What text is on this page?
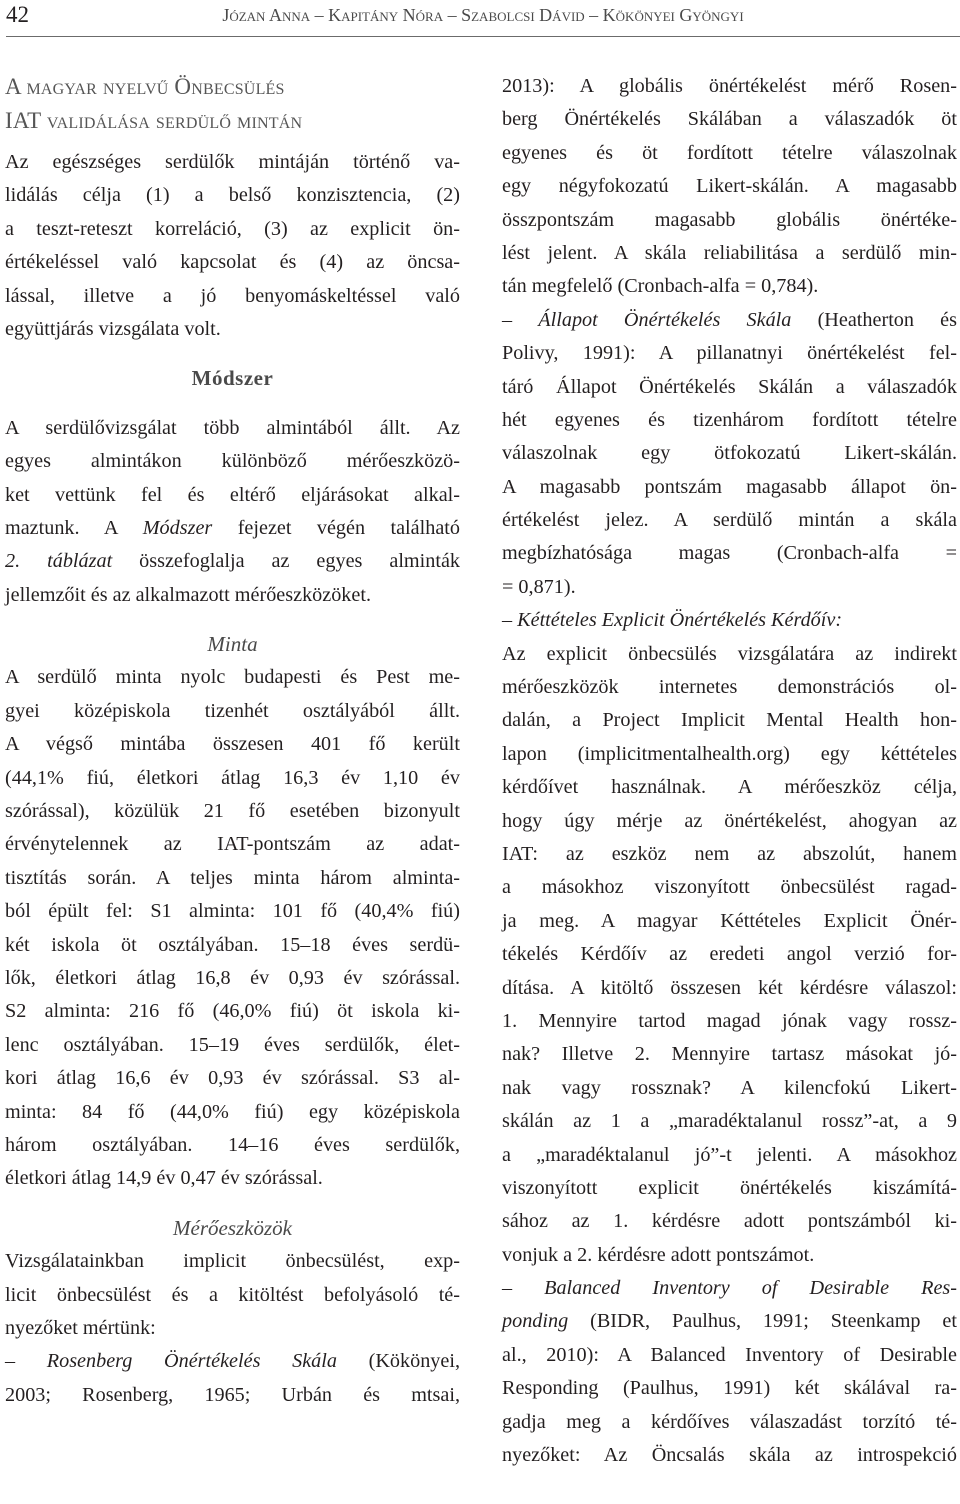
42	Józan Anna – Kapitány Nóra – Szabolcsi Dávid – Kökönyei Gyöngyi
A magyar nyelvű Önbecsülés
IAT validálása serdülő mintán
Az egészséges serdülők mintáján történő va-
lidálás célja (1) a belső konzisztencia, (2)
a teszt-reteszt korreláció, (3) az explicit ön-
értékeléssel való kapcsolat és (4) az öncsa-
lással, illetve a jó benyomáskeltéssel való
együttjárás vizsgálata volt.
Módszer
A serdülővizsgálat több almintából állt. Az
egyes almintákon különböző mérőeszközö-
ket vettünk fel és eltérő eljárásokat alkal-
maztunk. A Módszer fejezet végén található
2. táblázat összefoglalja az egyes alminták
jellemzőit és az alkalmazott mérőeszközöket.
Minta
A serdülő minta nyolc budapesti és Pest me-
gyei középiskola tizenhét osztályából állt.
A végső mintába összesen 401 fő került
(44,1% fiú, életkori átlag 16,3 év 1,10 év
szórással), közülük 21 fő esetében bizonyult
érvénytelennek az IAT-pontszám az adat-
tisztítás során. A teljes minta három alminta-
ból épült fel: S1 alminta: 101 fő (40,4% fiú)
két iskola öt osztályában. 15–18 éves serdü-
lők, életkori átlag 16,8 év 0,93 év szórással.
S2 alminta: 216 fő (46,0% fiú) öt iskola ki-
lenc osztályában. 15–19 éves serdülők, élet-
kori átlag 16,6 év 0,93 év szórással. S3 al-
minta: 84 fő (44,0% fiú) egy középiskola
három osztályában. 14–16 éves serdülők,
életkori átlag 14,9 év 0,47 év szórással.
Mérőeszközök
Vizsgálatainkban implicit önbecsülést, exp-
licit önbecsülést és a kitöltést befolyásoló té-
nyezőket mértünk:
– Rosenberg Önértékelés Skála (Kökönyei,
2003; Rosenberg, 1965; Urbán és mtsai,
2013): A globális önértékelést mérő Rosen-
berg Önértékelés Skálában a válaszadók öt
egyenes és öt fordított tételre válaszolnak
egy négyfokozatú Likert-skálán. A magasabb
összpontszám magasabb globális önértéke-
lést jelent. A skála reliabilitása a serdülő min-
tán megfelelő (Cronbach-alfa = 0,784).
– Állapot Önértékelés Skála (Heatherton és
Polivy, 1991): A pillanatnyi önértékelést fel-
táró Állapot Önértékelés Skálán a válaszadók
hét egyenes és tizenhárom fordított tételre
válaszolnak egy ötfokozatú Likert-skálán.
A magasabb pontszám magasabb állapot ön-
értékelést jelez. A serdülő mintán a skála
megbízhatósága magas (Cronbach-alfa =
= 0,871).
– Kéttételes Explicit Önértékelés Kérdőív:
Az explicit önbecsülés vizsgálatára az indirekt
mérőeszközök internetes demonstrációs ol-
dalán, a Project Implicit Mental Health hon-
lapon (implicitmentalhealth.org) egy kéttételes
kérdőívet használnak. A mérőeszköz célja,
hogy úgy mérje az önértékelést, ahogyan az
IAT: az eszköz nem az abszolút, hanem
a másokhoz viszonyított önbecsülést ragad-
ja meg. A magyar Kéttételes Explicit Önér-
tékelés Kérdőív az eredeti angol verzió for-
dítása. A kitöltő összesen két kérdésre válaszol:
1. Mennyire tartod magad jónak vagy rossz-
nak? Illetve 2. Mennyire tartasz másokat jó-
nak vagy rossznak? A kilencfokú Likert-
skálán az 1 a „maradéktalanul rossz”-at, a 9
a „maradéktalanul jó”-t jelenti. A másokhoz
viszonyított explicit önértékelés kiszámítá-
sához az 1. kérdésre adott pontszámból ki-
vonjuk a 2. kérdésre adott pontszámot.
– Balanced Inventory of Desirable Res-
ponding (BIDR, Paulhus, 1991; Steenkamp et
al., 2010): A Balanced Inventory of Desirable
Responding (Paulhus, 1991) két skálával ra-
gadja meg a kérdőíves válaszadást torzító té-
nyezőket: Az Öncsalás skála az introspekció
